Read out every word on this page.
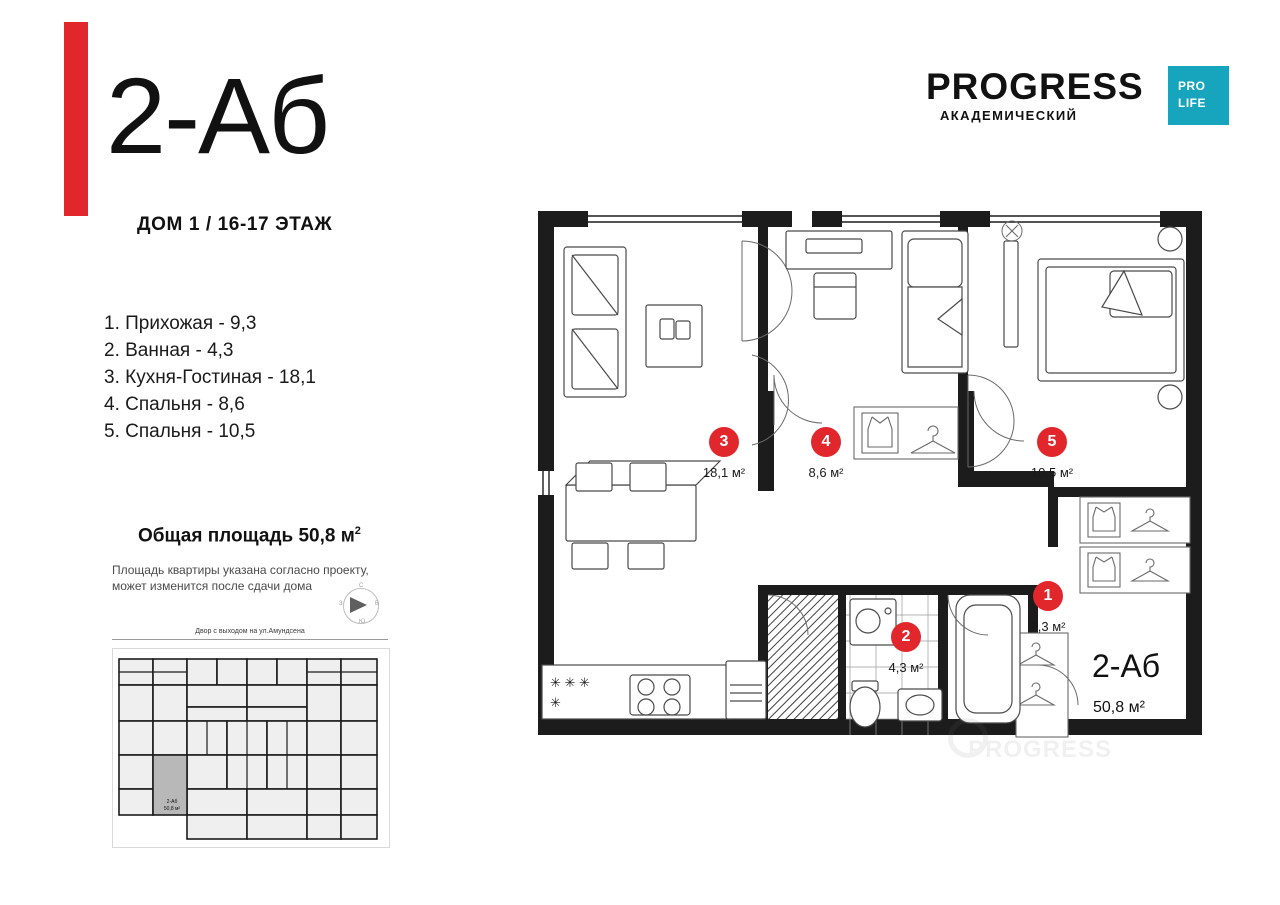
2-Аб
ДОМ 1 / 16-17 ЭТАЖ
1. Прихожая - 9,3
2. Ванная - 4,3
3. Кухня-Гостиная - 18,1
4. Спальня - 8,6
5. Спальня - 10,5
Общая площадь 50,8 $м^2$
Площадь квартиры указана согласно проекту, может изменится после сдачи дома	С
В
Ю
З
Двор с выходом на ул.Амундсена
2-Аб
50,8 м²
PROGRESS
АКАДЕМИЧЕСКИЙ
PRO
LIFE
✳ ✳ ✳
✳
1
9,3 м²
2
4,3 м²
3
18,1 м²
4
8,6 м²
5
10,5 м²
2-Аб
50,8 м²
PROGRESS
